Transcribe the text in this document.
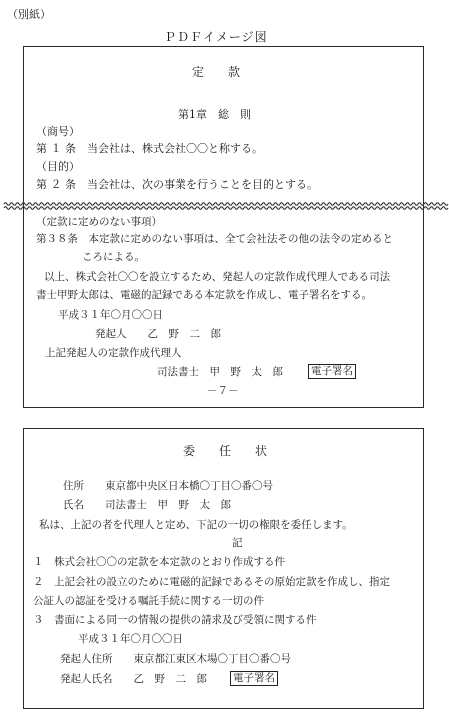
（別紙）
ＰＤＦイメージ図
定　　款
第1章　総　則
（商号）
第 １ 条　当会社は、株式会社〇〇と称する。
（目的）
第 ２ 条　当会社は、次の事業を行うことを目的とする。
（定款に定めのない事項）
第３８条　本定款に定めのない事項は、全て会社法その他の法令の定めると
ころによる。
以上、株式会社〇〇を設立するため、発起人の定款作成代理人である司法
書士甲野太郎は、電磁的記録である本定款を作成し、電子署名をする。
平成３１年〇月〇〇日
発起人　　乙　野　二　郎
上記発起人の定款作成代理人
司法書士　甲　野　太　郎	電子署名
－７－
委　　任　　状
住所　　東京都中央区日本橋〇丁目〇番〇号
氏名　　司法書士　甲　野　太　郎
私は、上記の者を代理人と定め、下記の一切の権限を委任します。
記
１　株式会社〇〇の定款を本定款のとおり作成する件
２　上記会社の設立のために電磁的記録であるその原始定款を作成し、指定
公証人の認証を受ける嘱託手続に関する一切の件
３　書面による同一の情報の提供の請求及び受領に関する件
平成３１年〇月〇〇日
発起人住所　　東京都江東区木場〇丁目〇番〇号
発起人氏名　　乙　野　二　郎 電子署名
